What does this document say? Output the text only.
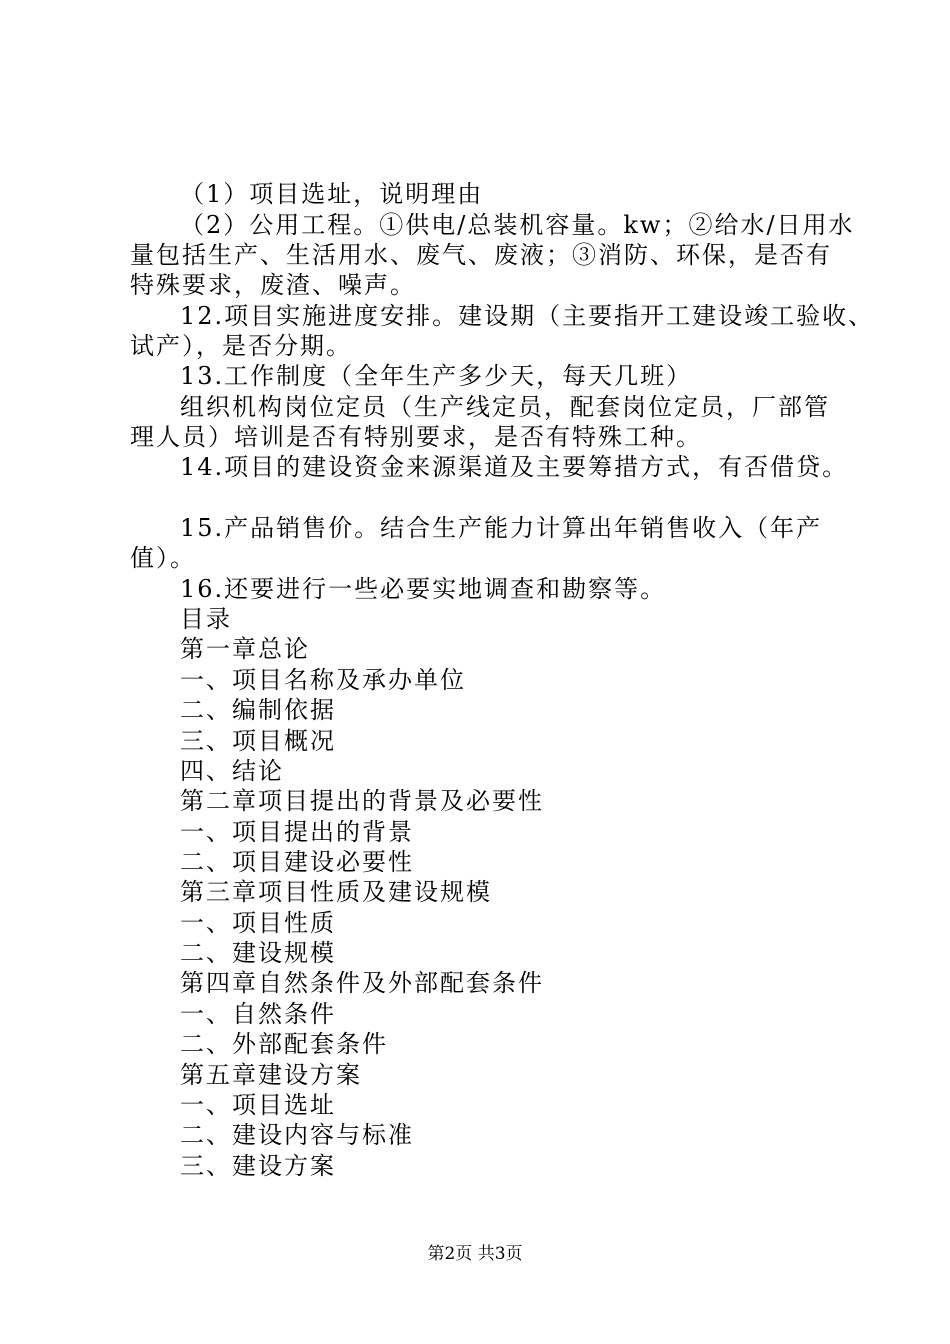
（1）项目选址，说明理由
（2）公用工程。①供电/总装机容量。kw；②给水/日用水
量包括生产、生活用水、废气、废液；③消防、环保，是否有
特殊要求，废渣、噪声。
12.项目实施进度安排。建设期（主要指开工建设竣工验收、
试产），是否分期。
13.工作制度（全年生产多少天，每天几班）
组织机构岗位定员（生产线定员，配套岗位定员，厂部管
理人员）培训是否有特别要求，是否有特殊工种。
14.项目的建设资金来源渠道及主要筹措方式，有否借贷。
15.产品销售价。结合生产能力计算出年销售收入（年产
值）。
16.还要进行一些必要实地调查和勘察等。
目录
第一章总论
一、项目名称及承办单位
二、编制依据
三、项目概况
四、结论
第二章项目提出的背景及必要性
一、项目提出的背景
二、项目建设必要性
第三章项目性质及建设规模
一、项目性质
二、建设规模
第四章自然条件及外部配套条件
一、自然条件
二、外部配套条件
第五章建设方案
一、项目选址
二、建设内容与标准
三、建设方案
第2页 共3页
